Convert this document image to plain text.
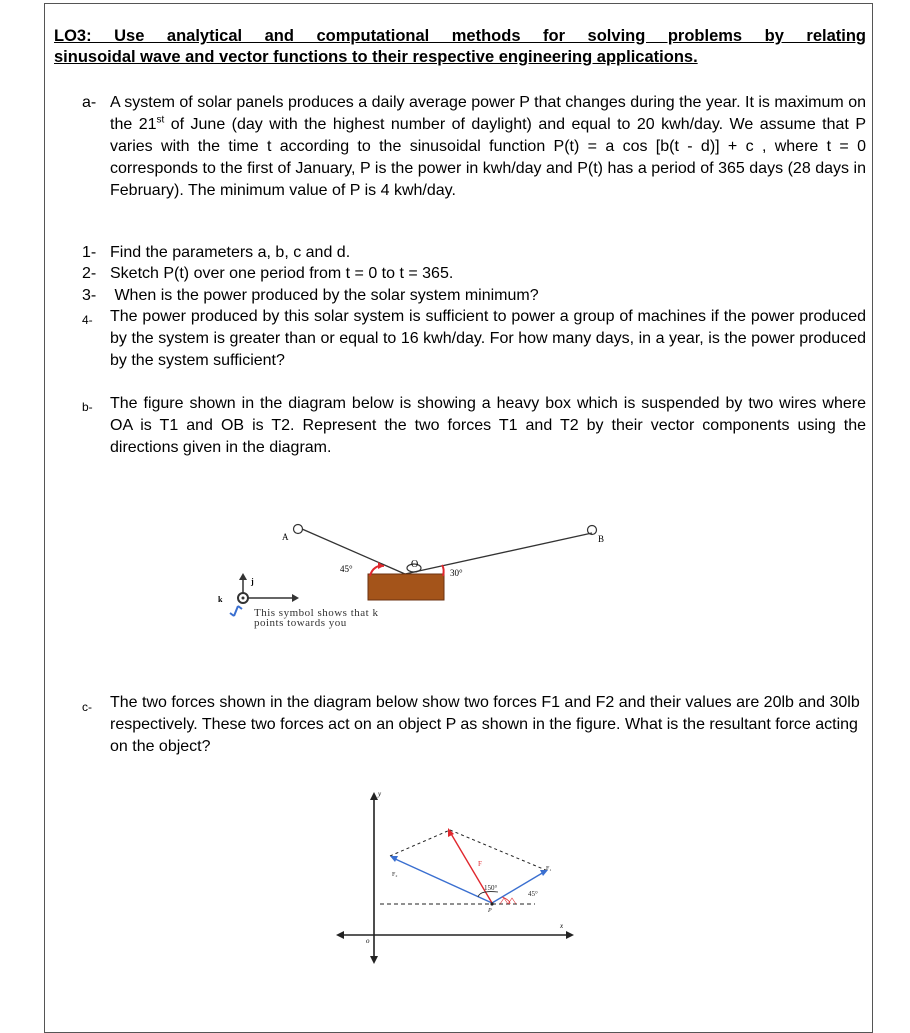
LO3: Use analytical and computational methods for solving problems by relating
sinusoidal wave and vector functions to their respective engineering applications.
a- A system of solar panels produces a daily average power P that changes during the year. It is maximum on the 21st of June (day with the highest number of daylight) and equal to 20 kwh/day. We assume that P varies with the time t according to the sinusoidal function P(t) = a cos [b(t - d)] + c , where t = 0 corresponds to the first of January, P is the power in kwh/day and P(t) has a period of 365 days (28 days in February). The minimum value of P is 4 kwh/day.
1- Find the parameters a, b, c and d.
2- Sketch P(t) over one period from t = 0 to t = 365.
3- When is the power produced by the solar system minimum?
4- The power produced by this solar system is sufficient to power a group of machines if the power produced by the system is greater than or equal to 16 kwh/day. For how many days, in a year, is the power produced by the system sufficient?
b- The figure shown in the diagram below is showing a heavy box which is suspended by two wires where OA is T1 and OB is T2. Represent the two forces T1 and T2 by their vector components using the directions given in the diagram.
A	B
45°	30°
j
k
This symbol shows that k
points towards you
O
c- The two forces shown in the diagram below show two forces F1 and F2 and their values are 20lb and 30lb respectively. These two forces act on an object P as shown in the figure. What is the resultant force acting on the object?
y
x
o
F
F₁
F₂
150°
45°
P
